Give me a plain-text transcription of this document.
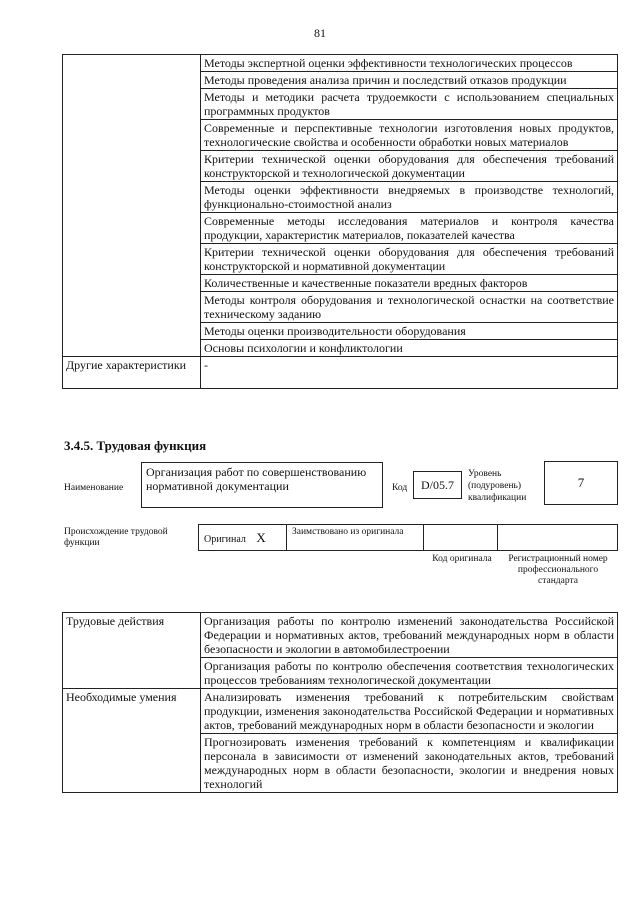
81
	Методы экспертной оценки эффективности технологических процессов
	Методы проведения анализа причин и последствий отказов продукции
	Методы и методики расчета трудоемкости с использованием специальных программных продуктов
	Современные и перспективные технологии изготовления новых продуктов, технологические свойства и особенности обработки новых материалов
	Критерии технической оценки оборудования для обеспечения требований конструкторской и технологической документации
	Методы оценки эффективности внедряемых в производстве технологий, функционально-стоимостной анализ
	Современные методы исследования материалов и контроля качества продукции, характеристик материалов, показателей качества
	Критерии технической оценки оборудования для обеспечения требований конструкторской и нормативной документации
	Количественные и качественные показатели вредных факторов
	Методы контроля оборудования и технологической оснастки на соответствие техническому заданию
	Методы оценки производительности оборудования
	Основы психологии и конфликтологии
Другие характеристики	-
3.4.5. Трудовая функция
Наименование
Организация работ по совершенствованию нормативной документации	Код	D/05.7
Уровень (подуровень) квалификации
7
Происхождение трудовой функции	Оригинал X	Заимствовано из оригинала
Код оригинала	Регистрационный номер профессионального стандарта
Трудовые действия	Организация работы по контролю изменений законодательства Российской Федерации и нормативных актов, требований международных норм в области безопасности и экологии в автомобилестроении
	Организация работы по контролю обеспечения соответствия технологических процессов требованиям технологической документации
Необходимые умения	Анализировать изменения требований к потребительским свойствам продукции, изменения законодательства Российской Федерации и нормативных актов, требований международных норм в области безопасности и экологии
	Прогнозировать изменения требований к компетенциям и квалификации персонала в зависимости от изменений законодательных актов, требований международных норм в области безопасности, экологии и внедрения новых технологий
